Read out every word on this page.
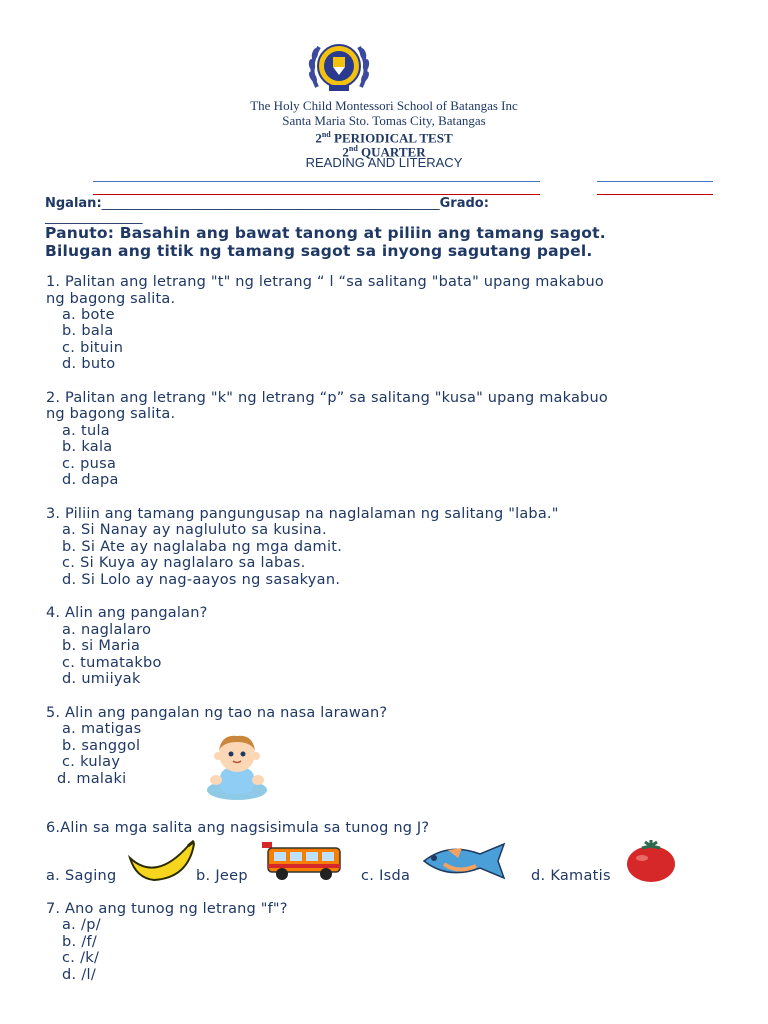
The Holy Child Montessori School of Batangas Inc
Santa Maria Sto. Tomas City, Batangas
2nd PERIODICAL TEST
2nd QUARTER
READING AND LITERACY
Ngalan:____________________________________________________Grado:
_______________
Panuto: Basahin ang bawat tanong at piliin ang tamang sagot.
Bilugan ang titik ng tamang sagot sa inyong sagutang papel.
1. Palitan ang letrang "t" ng letrang “ l “sa salitang "bata" upang makabuo
ng bagong salita.
a. bote
b. bala
c. bituin
d. buto
2. Palitan ang letrang "k" ng letrang “p” sa salitang "kusa" upang makabuo
ng bagong salita.
a. tula
b. kala
c. pusa
d. dapa
3. Piliin ang tamang pangungusap na naglalaman ng salitang "laba."
a. Si Nanay ay nagluluto sa kusina.
b. Si Ate ay naglalaba ng mga damit.
c. Si Kuya ay naglalaro sa labas.
d. Si Lolo ay nag-aayos ng sasakyan.
4. Alin ang pangalan?
a. naglalaro
b. si Maria
c. tumatakbo
d. umiiyak
5. Alin ang pangalan ng tao na nasa larawan?
a. matigas
b. sanggol
c. kulay
d. malaki
6.Alin sa mga salita ang nagsisimula sa tunog ng J?
a. Saging	b. Jeep	c. Isda	d. Kamatis
7. Ano ang tunog ng letrang "f"?
a. /p/
b. /f/
c. /k/
d. /l/
